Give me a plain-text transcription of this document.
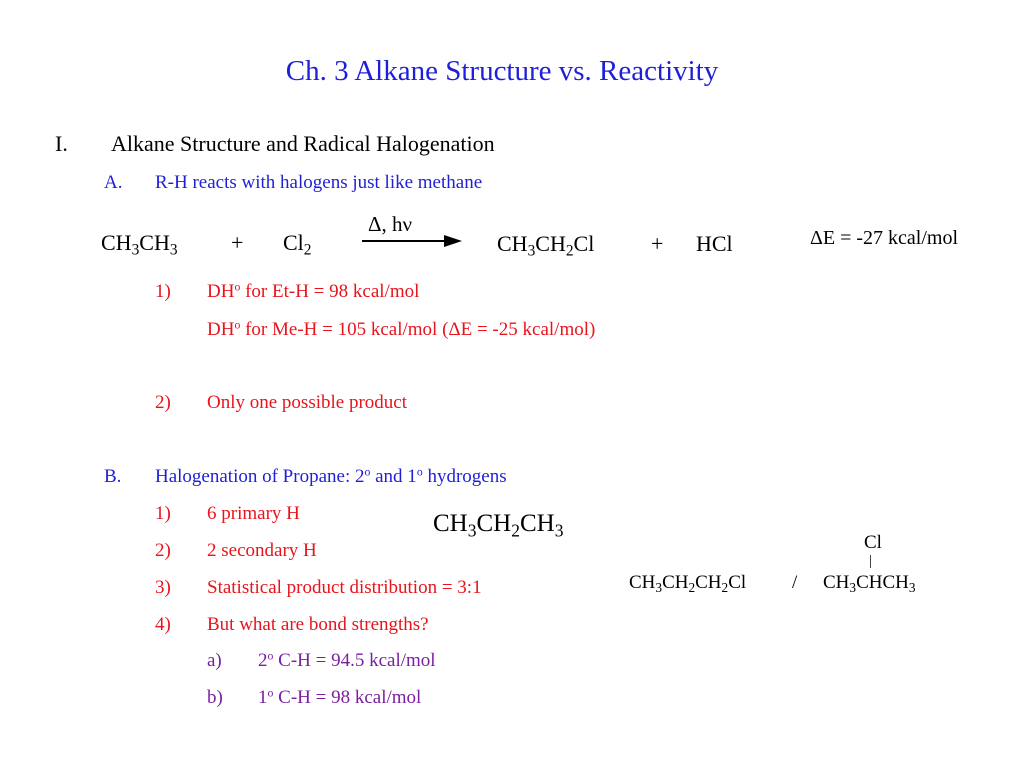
Ch. 3 Alkane Structure vs. Reactivity
I. Alkane Structure and Radical Halogenation
A. R-H reacts with halogens just like methane
$CH_3CH_3 + Cl_2$
Δ, hν
$CH_3CH_2Cl$	+ HCl	ΔE = -27 kcal/mol
1) $DH^o$ for Et-H = 98 kcal/mol
$DH^o$ for Me-H = 105 kcal/mol (ΔE = -25 kcal/mol)
2) Only one possible product
B. Halogenation of Propane: 2$^o$ and 1$^o$ hydrogens
1) 6 primary H
2) 2 secondary H
3) Statistical product distribution = 3:1
4) But what are bond strengths?
a) 2$^o$ C-H = 94.5 kcal/mol
b) 1$^o$ C-H = 98 kcal/mol
$CH_3CH_2CH_3$
Cl
|
$CH_3CH_2CH_2Cl$ / $CH_3CHCH_3$
